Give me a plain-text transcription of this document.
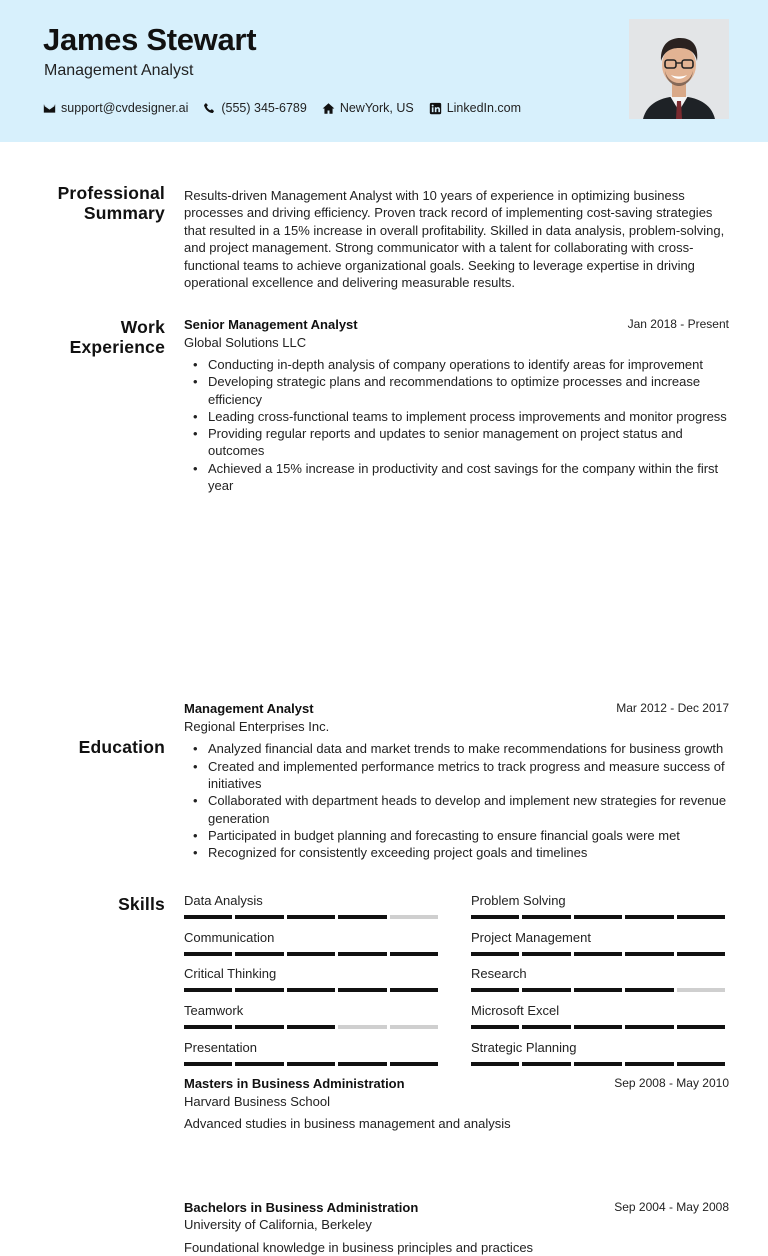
James Stewart
Management Analyst
support@cvdesigner.ai	(555) 345-6789	NewYork, US	LinkedIn.com
Professional
Summary
Results-driven Management Analyst with 10 years of experience in optimizing business processes and driving efficiency. Proven track record of implementing cost-saving strategies that resulted in a 15% increase in overall profitability. Skilled in data analysis, problem-solving, and project management. Strong communicator with a talent for collaborating with cross-functional teams to achieve organizational goals. Seeking to leverage expertise in driving operational excellence and delivering measurable results.
Work
Experience
Senior Management Analyst	Jan 2018 - Present
Global Solutions LLC
• Conducting in-depth analysis of company operations to identify areas for improvement
• Developing strategic plans and recommendations to optimize processes and increase efficiency
• Leading cross-functional teams to implement process improvements and monitor progress
• Providing regular reports and updates to senior management on project status and outcomes
• Achieved a 15% increase in productivity and cost savings for the company within the first year
Management Analyst	Mar 2012 - Dec 2017
Regional Enterprises Inc.
• Analyzed financial data and market trends to make recommendations for business growth
• Created and implemented performance metrics to track progress and measure success of initiatives
• Collaborated with department heads to develop and implement new strategies for revenue generation
• Participated in budget planning and forecasting to ensure financial goals were met
• Recognized for consistently exceeding project goals and timelines
Education
Masters in Business Administration	Sep 2008 - May 2010
Harvard Business School
Advanced studies in business management and analysis
Bachelors in Business Administration	Sep 2004 - May 2008
University of California, Berkeley
Foundational knowledge in business principles and practices
Skills Data Analysis	Problem Solving
Communication	Project Management
Critical Thinking	Research
Teamwork	Microsoft Excel
Presentation	Strategic Planning
